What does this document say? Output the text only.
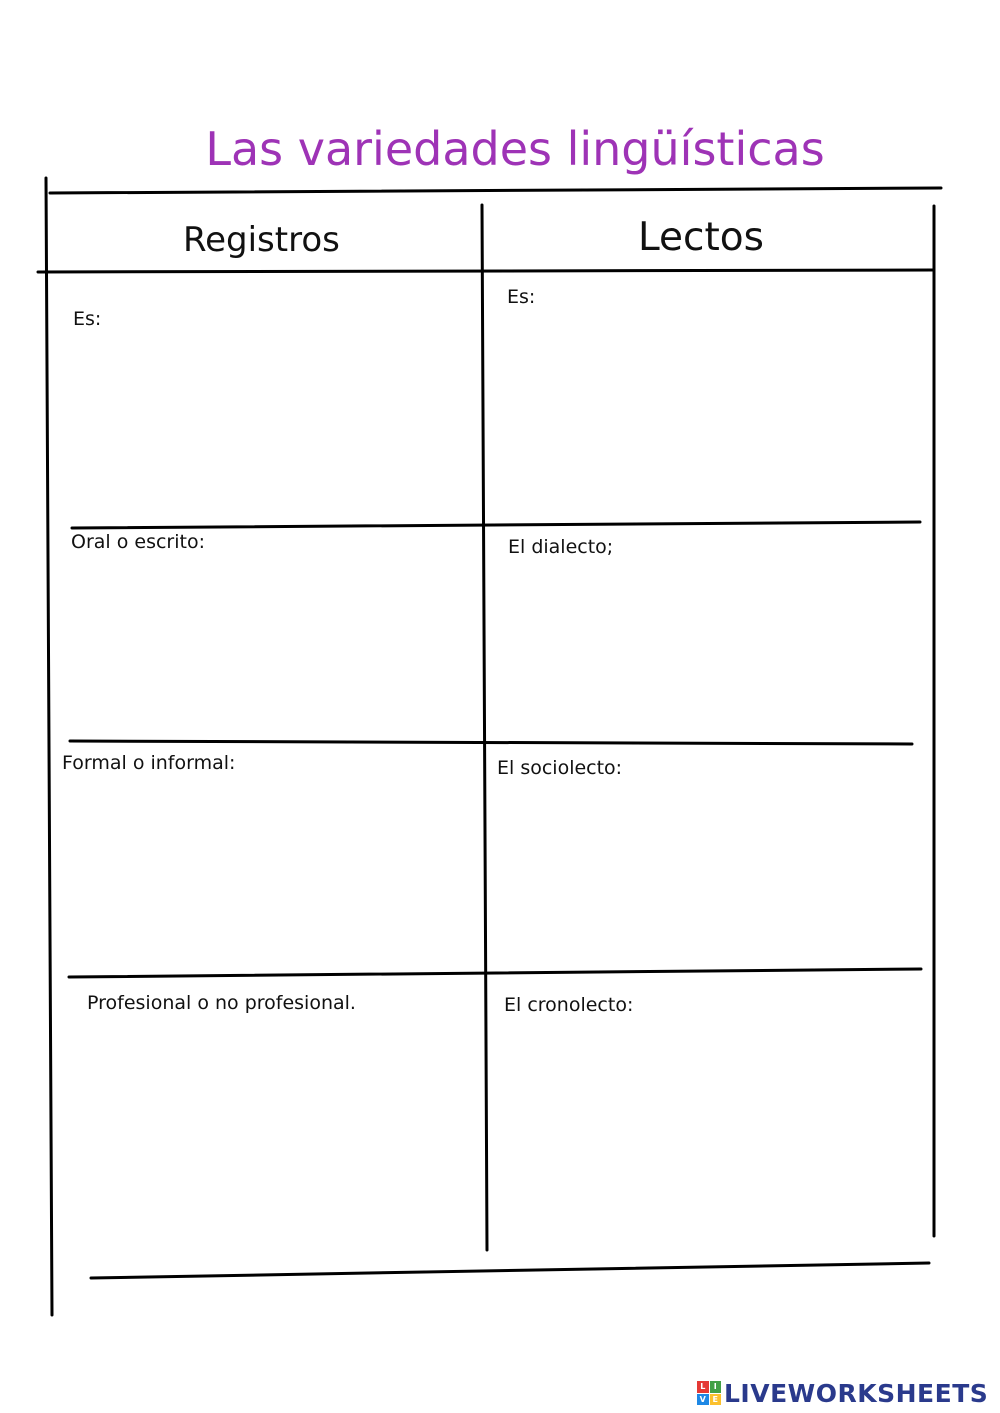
Las variedades lingüísticas
Registros	Lectos
Es:
Oral o escrito:
Formal o informal:
Profesional o no profesional.
Es:
El dialecto;
El sociolecto:
El cronolecto:
L	I
V E LIVEWORKSHEETS
